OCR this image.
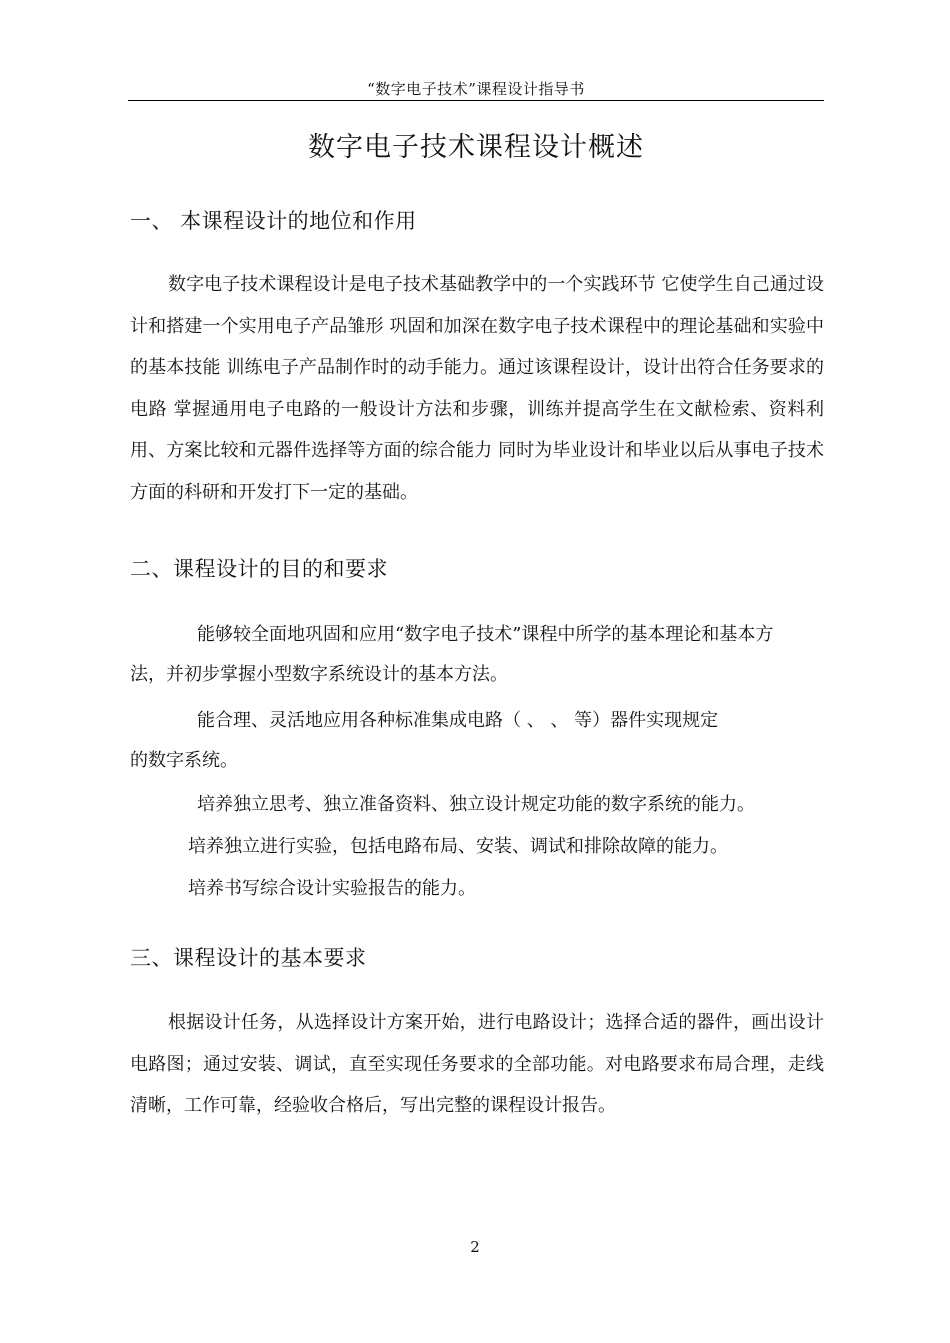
“数字电子技术”课程设计指导书
数字电子技术课程设计概述
一、 本课程设计的地位和作用
数字电子技术课程设计是电子技术基础教学中的一个实践环节 它使学生自己通过设计和搭建一个实用电子产品雏形 巩固和加深在数字电子技术课程中的理论基础和实验中的基本技能 训练电子产品制作时的动手能力。通过该课程设计，设计出符合任务要求的电路 掌握通用电子电路的一般设计方法和步骤，训练并提高学生在文献检索、资料利用、方案比较和元器件选择等方面的综合能力 同时为毕业设计和毕业以后从事电子技术方面的科研和开发打下一定的基础。
二、课程设计的目的和要求
能够较全面地巩固和应用“数字电子技术”课程中所学的基本理论和基本方
法，并初步掌握小型数字系统设计的基本方法。
能合理、灵活地应用各种标准集成电路（ 、 、 等）器件实现规定
的数字系统。
培养独立思考、独立准备资料、独立设计规定功能的数字系统的能力。
培养独立进行实验，包括电路布局、安装、调试和排除故障的能力。
培养书写综合设计实验报告的能力。
三、课程设计的基本要求
根据设计任务，从选择设计方案开始，进行电路设计；选择合适的器件，画出设计电路图；通过安装、调试，直至实现任务要求的全部功能。对电路要求布局合理，走线清晰，工作可靠，经验收合格后，写出完整的课程设计报告。
2
